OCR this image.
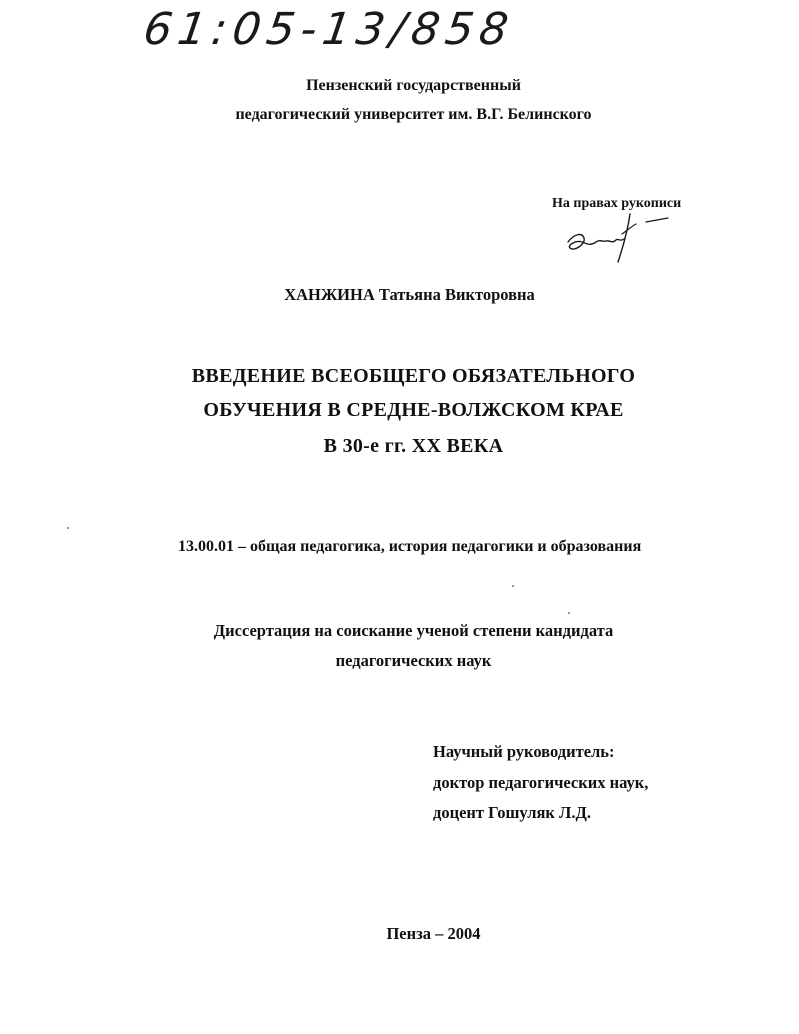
61:05-13/858
Пензенский государственный
педагогический университет им. В.Г. Белинского
На правах рукописи
ХАНЖИНА Татьяна Викторовна
ВВЕДЕНИЕ ВСЕОБЩЕГО ОБЯЗАТЕЛЬНОГО
ОБУЧЕНИЯ В СРЕДНЕ-ВОЛЖСКОМ КРАЕ
В 30-е гг. XX ВЕКА
13.00.01 – общая педагогика, история педагогики и образования
Диссертация на соискание ученой степени кандидата
педагогических наук
Научный руководитель:
доктор педагогических наук,
доцент Гошуляк Л.Д.
Пенза – 2004
